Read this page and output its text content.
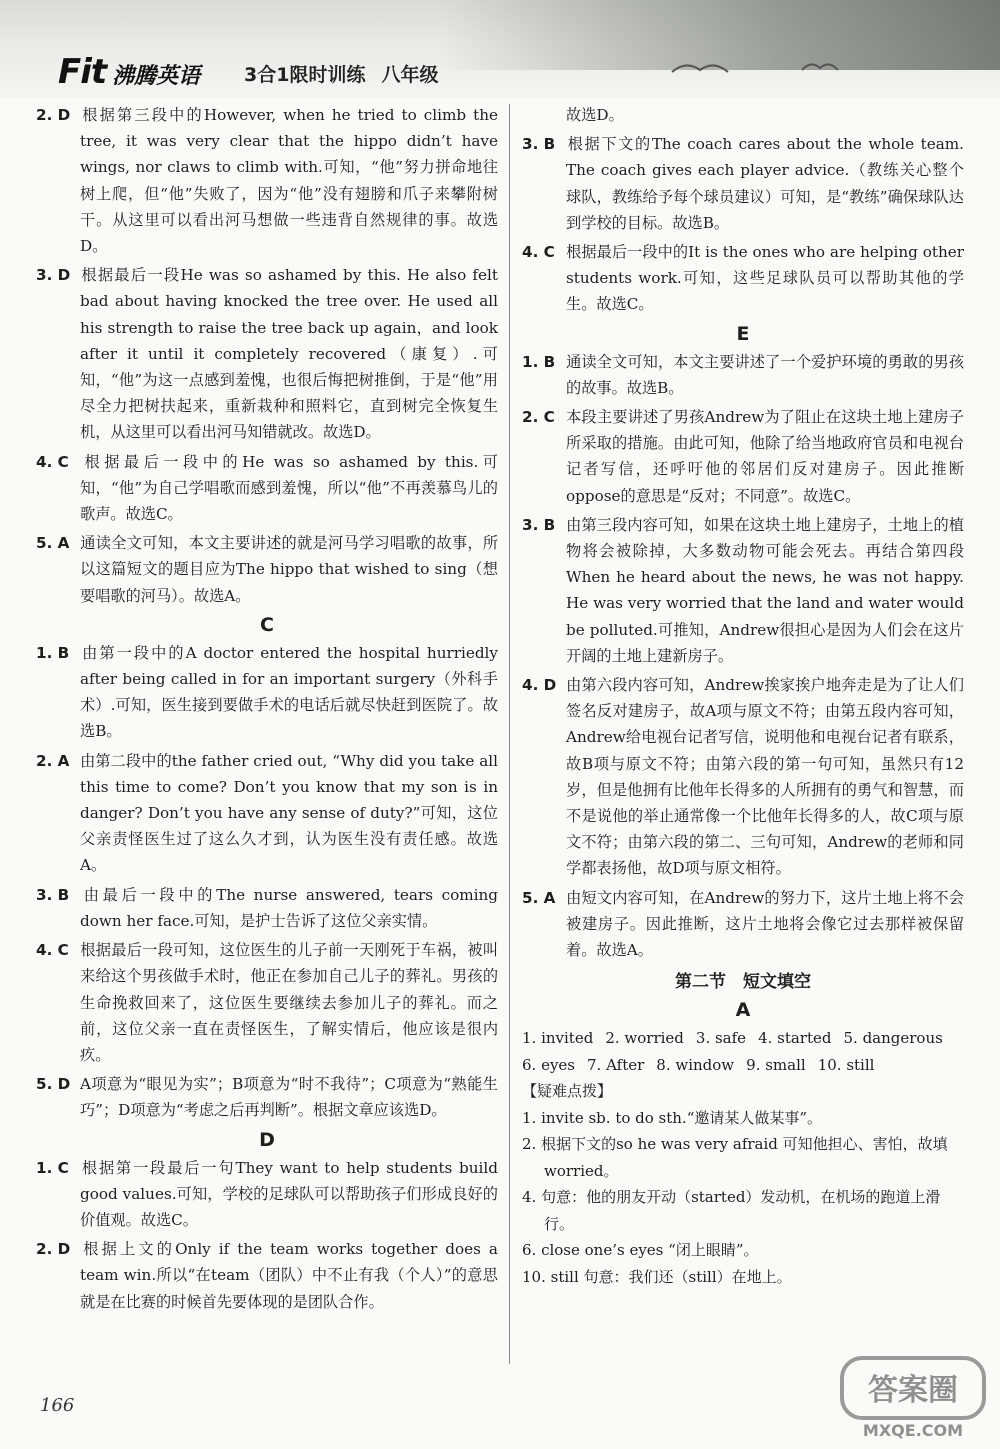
Fit 沸腾英语 3合1限时训练 八年级
2. D 根据第三段中的However, when he tried to climb the tree, it was very clear that the hippo didn’t have wings, nor claws to climb with.可知，“他”努力拼命地往树上爬，但“他”失败了，因为“他”没有翅膀和爪子来攀附树干。从这里可以看出河马想做一些违背自然规律的事。故选D。
3. D 根据最后一段He was so ashamed by this. He also felt bad about having knocked the tree over. He used all his strength to raise the tree back up again，and look after it until it completely recovered（康复）.可知，“他”为这一点感到羞愧，也很后悔把树推倒，于是“他”用尽全力把树扶起来，重新栽种和照料它，直到树完全恢复生机，从这里可以看出河马知错就改。故选D。
4. C 根据最后一段中的He was so ashamed by this.可知，“他”为自己学唱歌而感到羞愧，所以“他”不再羡慕鸟儿的歌声。故选C。
5. A 通读全文可知，本文主要讲述的就是河马学习唱歌的故事，所以这篇短文的题目应为The hippo that wished to sing（想要唱歌的河马）。故选A。
C
1. B 由第一段中的A doctor entered the hospital hurriedly after being called in for an important surgery（外科手术）.可知，医生接到要做手术的电话后就尽快赶到医院了。故选B。
2. A 由第二段中的the father cried out, “Why did you take all this time to come? Don’t you know that my son is in danger? Don’t you have any sense of duty?”可知，这位父亲责怪医生过了这么久才到，认为医生没有责任感。故选A。
3. B 由最后一段中的The nurse answered, tears coming down her face.可知，是护士告诉了这位父亲实情。
4. C 根据最后一段可知，这位医生的儿子前一天刚死于车祸，被叫来给这个男孩做手术时，他正在参加自己儿子的葬礼。男孩的生命挽救回来了，这位医生要继续去参加儿子的葬礼。而之前，这位父亲一直在责怪医生，了解实情后，他应该是很内疚。
5. D A项意为“眼见为实”；B项意为“时不我待”；C项意为“熟能生巧”；D项意为“考虑之后再判断”。根据文章应该选D。
D
1. C 根据第一段最后一句They want to help students build good values.可知，学校的足球队可以帮助孩子们形成良好的价值观。故选C。
2. D 根据上文的Only if the team works together does a team win.所以“在team（团队）中不止有我（个人）”的意思就是在比赛的时候首先要体现的是团队合作。
故选D。
3. B 根据下文的The coach cares about the whole team. The coach gives each player advice.（教练关心整个球队，教练给予每个球员建议）可知，是“教练”确保球队达到学校的目标。故选B。
4. C 根据最后一段中的It is the ones who are helping other students work.可知，这些足球队员可以帮助其他的学生。故选C。
E
1. B 通读全文可知，本文主要讲述了一个爱护环境的勇敢的男孩的故事。故选B。
2. C 本段主要讲述了男孩Andrew为了阻止在这块土地上建房子所采取的措施。由此可知，他除了给当地政府官员和电视台记者写信，还呼吁他的邻居们反对建房子。因此推断oppose的意思是“反对；不同意”。故选C。
3. B 由第三段内容可知，如果在这块土地上建房子，土地上的植物将会被除掉，大多数动物可能会死去。再结合第四段When he heard about the news, he was not happy. He was very worried that the land and water would be polluted.可推知，Andrew很担心是因为人们会在这片开阔的土地上建新房子。
4. D 由第六段内容可知，Andrew挨家挨户地奔走是为了让人们签名反对建房子，故A项与原文不符；由第五段内容可知，Andrew给电视台记者写信，说明他和电视台记者有联系，故B项与原文不符；由第六段的第一句可知，虽然只有12岁，但是他拥有比他年长得多的人所拥有的勇气和智慧，而不是说他的举止通常像一个比他年长得多的人，故C项与原文不符；由第六段的第二、三句可知，Andrew的老师和同学都表扬他，故D项与原文相符。
5. A 由短文内容可知，在Andrew的努力下，这片土地上将不会被建房子。因此推断，这片土地将会像它过去那样被保留着。故选A。
第二节　短文填空
A
1. invited 2. worried 3. safe 4. started 5. dangerous
6. eyes 7. After 8. window 9. small 10. still
【疑难点拨】
1. invite sb. to do sth.“邀请某人做某事”。
2. 根据下文的so he was very afraid 可知他担心、害怕，故填worried。
4. 句意：他的朋友开动（started）发动机，在机场的跑道上滑行。
6. close one’s eyes “闭上眼睛”。
10. still 句意：我们还（still）在地上。
166	答案圈
MXQE.COM
